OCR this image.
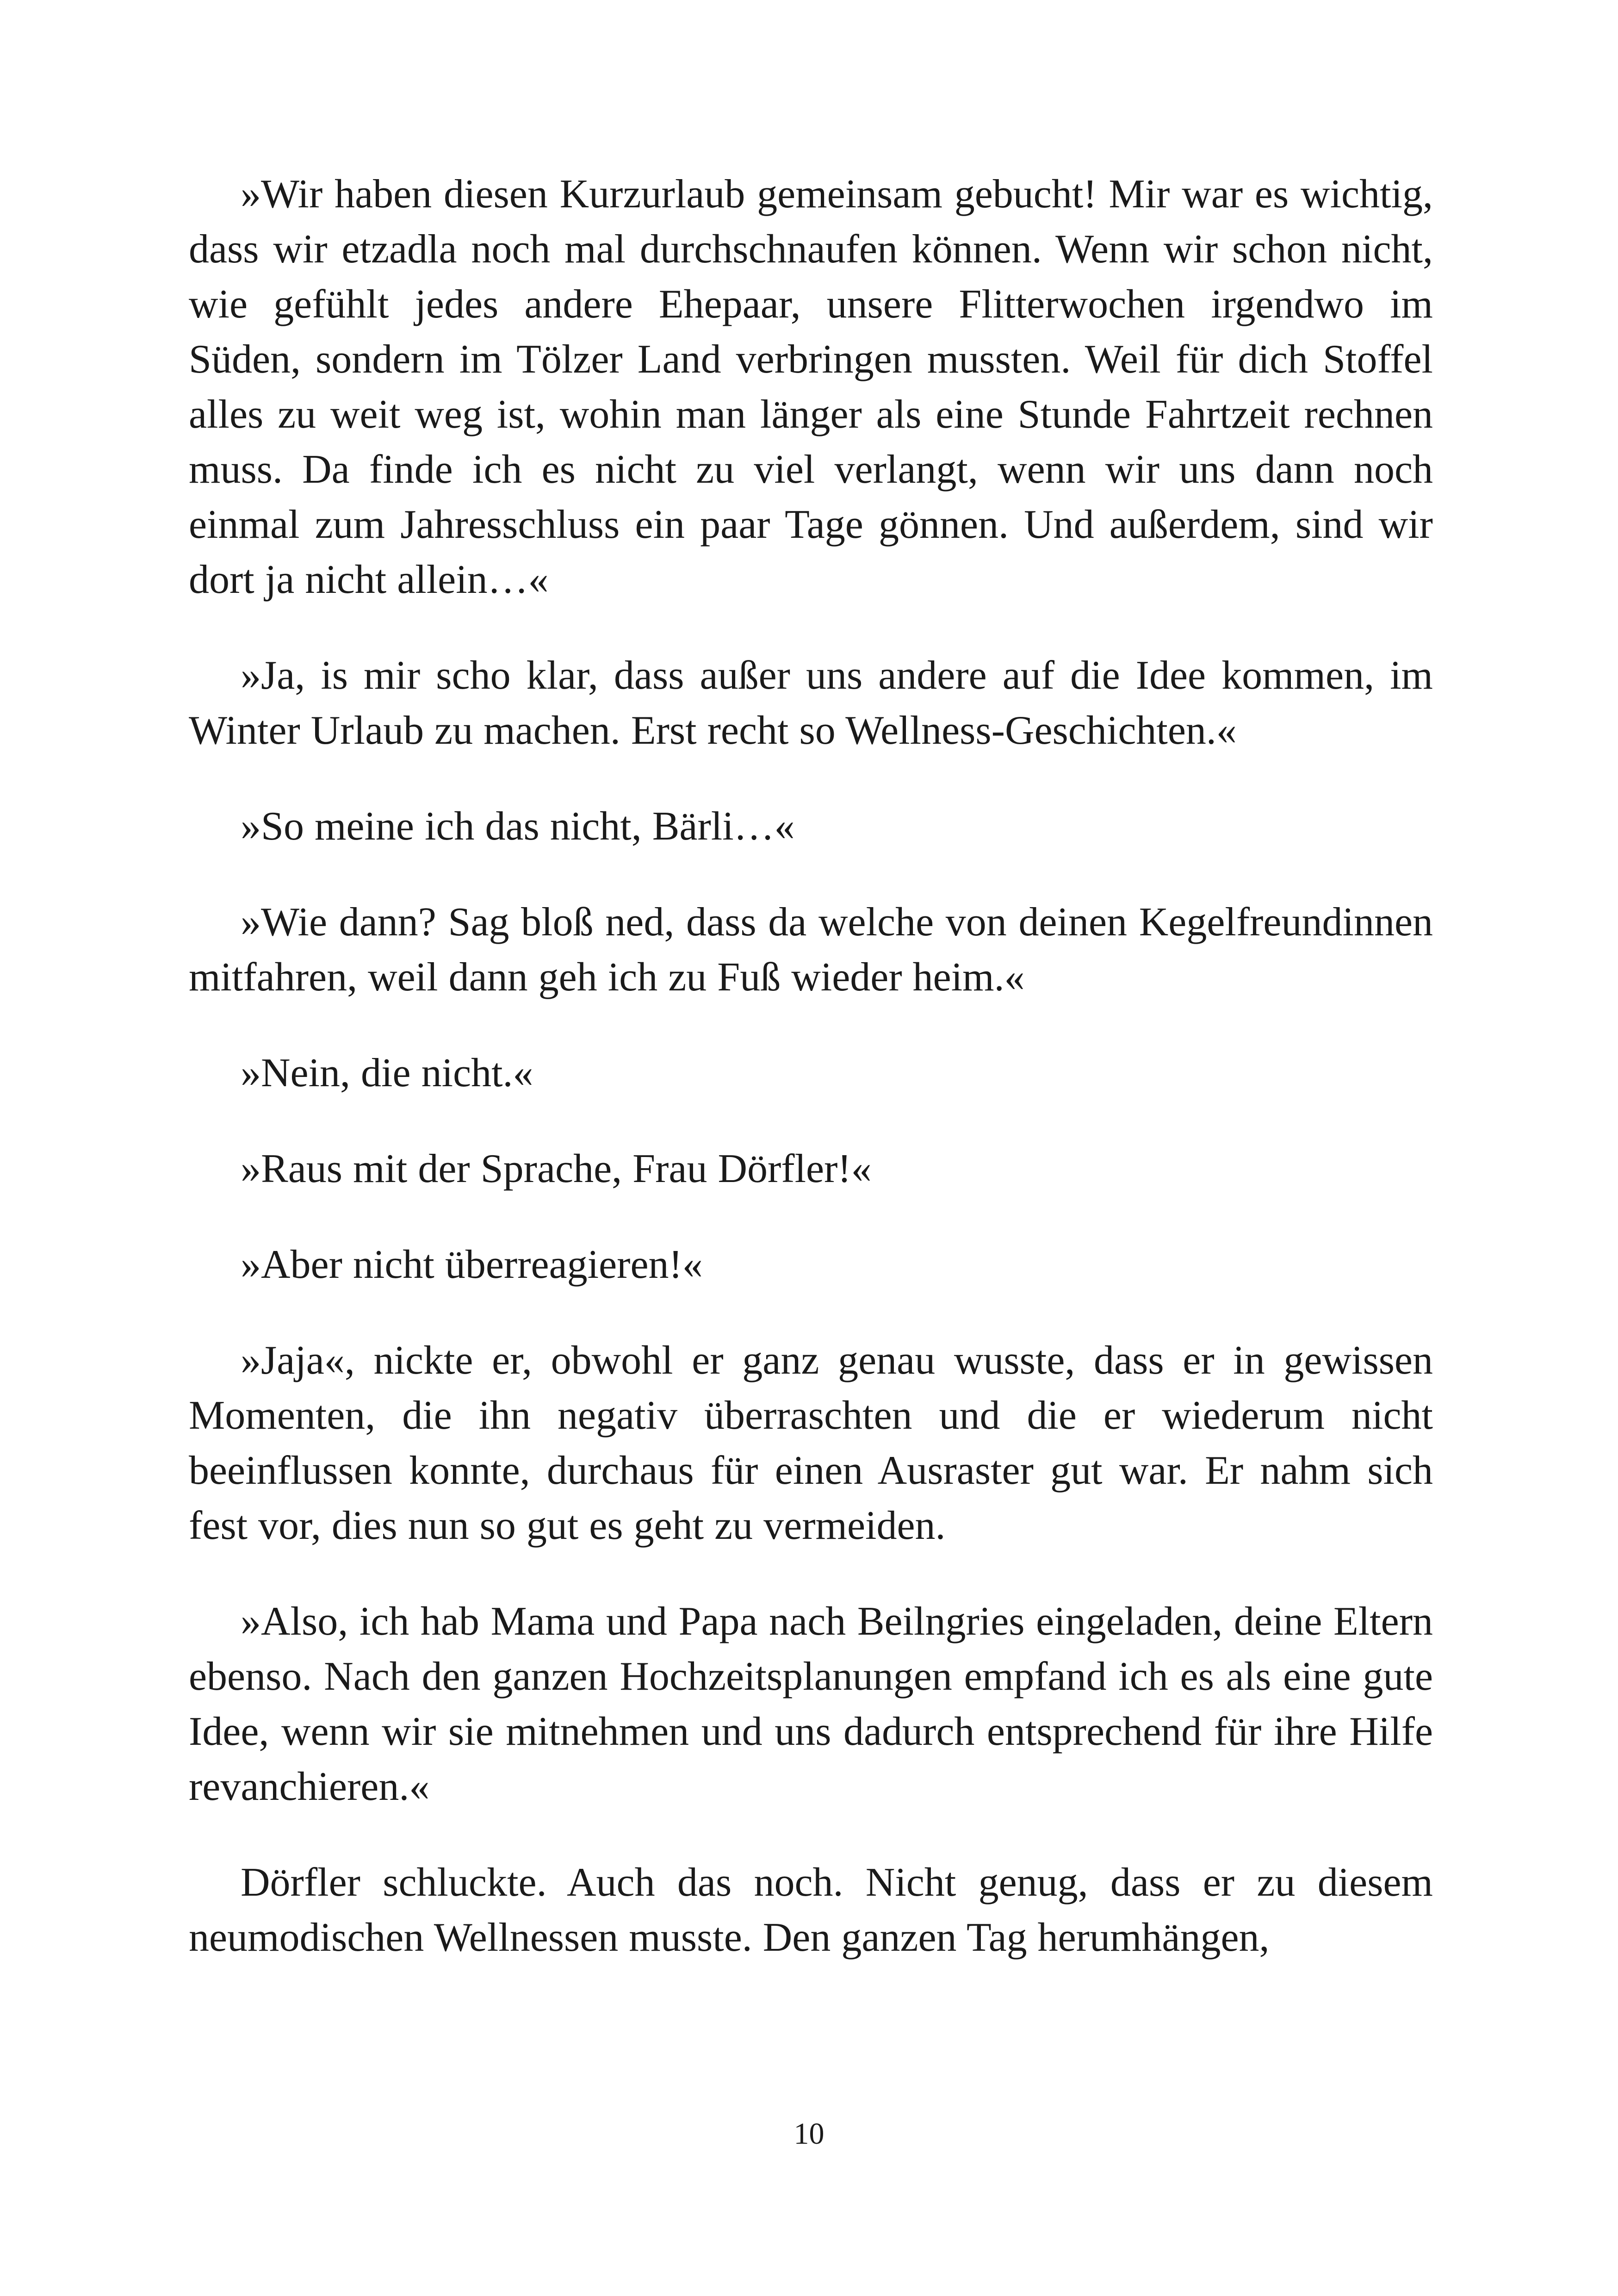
»Wir haben diesen Kurzurlaub gemeinsam gebucht! Mir war es wichtig, dass wir etzadla noch mal durchschnaufen können. Wenn wir schon nicht, wie gefühlt jedes andere Ehepaar, unsere Flitterwochen irgendwo im Süden, sondern im Tölzer Land verbringen mussten. Weil für dich Stoffel alles zu weit weg ist, wohin man länger als eine Stunde Fahrtzeit rechnen muss. Da finde ich es nicht zu viel verlangt, wenn wir uns dann noch einmal zum Jahresschluss ein paar Tage gönnen. Und außerdem, sind wir dort ja nicht allein…«

»Ja, is mir scho klar, dass außer uns andere auf die Idee kommen, im Winter Urlaub zu machen. Erst recht so Wellness-Geschichten.«

»So meine ich das nicht, Bärli…«

»Wie dann? Sag bloß ned, dass da welche von deinen Kegelfreundinnen mitfahren, weil dann geh ich zu Fuß wieder heim.«

»Nein, die nicht.«

»Raus mit der Sprache, Frau Dörfler!«

»Aber nicht überreagieren!«

»Jaja«, nickte er, obwohl er ganz genau wusste, dass er in gewissen Momenten, die ihn negativ überraschten und die er wiederum nicht beeinflussen konnte, durchaus für einen Ausraster gut war. Er nahm sich fest vor, dies nun so gut es geht zu vermeiden.

»Also, ich hab Mama und Papa nach Beilngries eingeladen, deine Eltern ebenso. Nach den ganzen Hochzeitsplanungen empfand ich es als eine gute Idee, wenn wir sie mitnehmen und uns dadurch entsprechend für ihre Hilfe revanchieren.«

Dörfler schluckte. Auch das noch. Nicht genug, dass er zu diesem neumodischen Wellnessen musste. Den ganzen Tag herumhängen,

10
